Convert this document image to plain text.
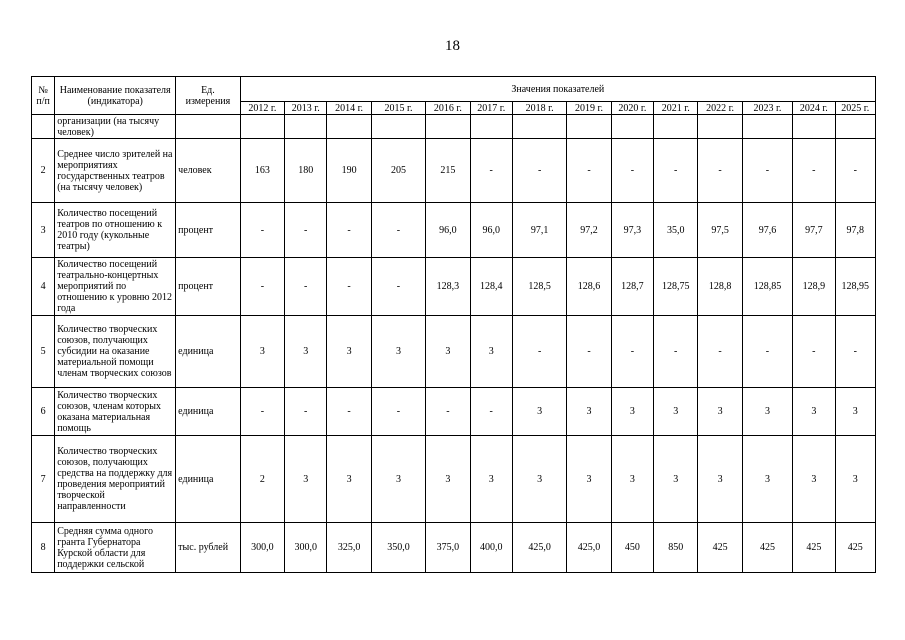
18
№ п/п	Наименование показателя (индикатора)	Ед. измерения	Значения показателей													
			2012 г.	2013 г.	2014 г.	2015 г.	2016 г.	2017 г.	2018 г.	2019 г.	2020 г.	2021 г.	2022 г.	2023 г.	2024 г.	2025 г.
	организации (на тысячу человек)															
2	Среднее число зрителей на мероприятиях государственных театров (на тысячу человек)	человек	163	180	190	205	215	-	-	-	-	-	-	-	-	-
3	Количество посещений театров по отношению к 2010 году (кукольные театры)	процент	-	-	-	-	96,0	96,0	97,1	97,2	97,3	35,0	97,5	97,6	97,7	97,8
4	Количество посещений театрально-концертных мероприятий по отношению к уровню 2012 года	процент	-	-	-	-	128,3	128,4	128,5	128,6	128,7	128,75	128,8	128,85	128,9	128,95
5	Количество творческих союзов, получающих субсидии на оказание материальной помощи членам творческих союзов	единица	3	3	3	3	3	3	-	-	-	-	-	-	-	-
6	Количество творческих союзов, членам которых оказана материальная помощь	единица	-	-	-	-	-	-	3	3	3	3	3	3	3	3
7	Количество творческих союзов, получающих средства на поддержку для проведения мероприятий творческой направленности	единица	2	3	3	3	3	3	3	3	3	3	3	3	3	3
8	Средняя сумма одного гранта Губернатора Курской области для поддержки сельской	тыс. рублей	300,0	300,0	325,0	350,0	375,0	400,0	425,0	425,0	450	850	425	425	425	425
